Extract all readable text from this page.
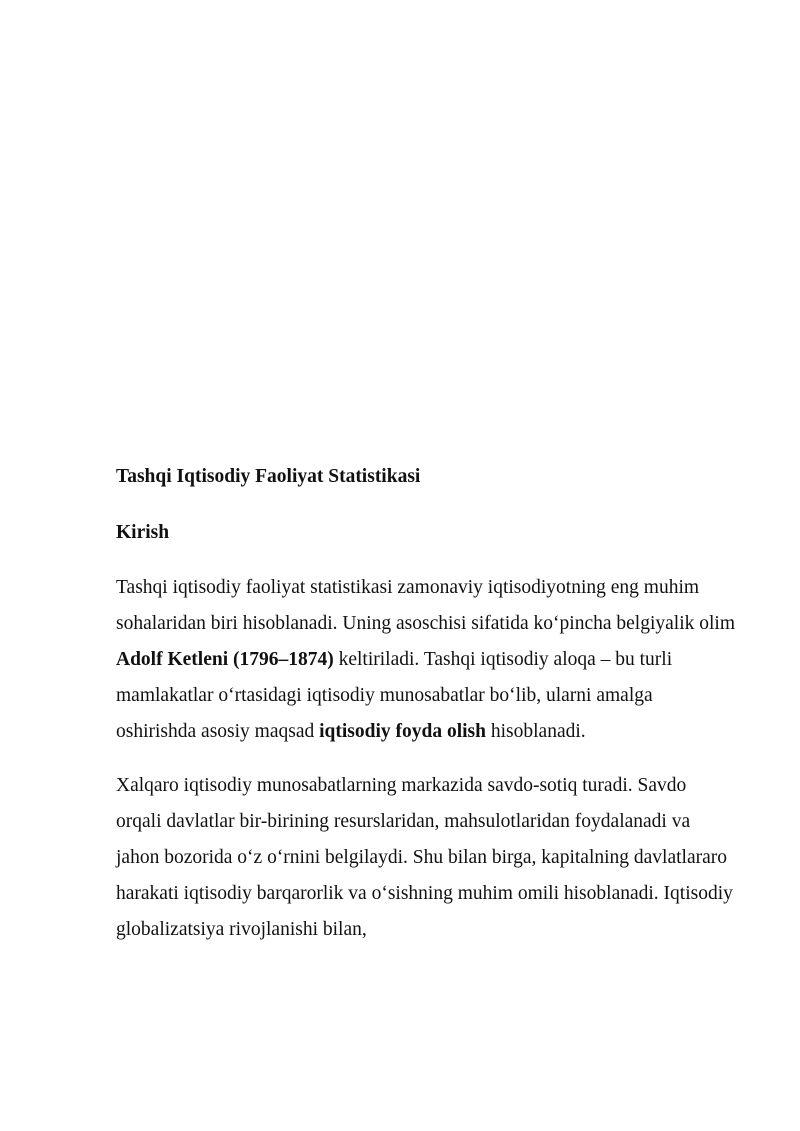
Tashqi Iqtisodiy Faoliyat Statistikasi

Kirish

Tashqi iqtisodiy faoliyat statistikasi zamonaviy iqtisodiyotning eng muhim sohalaridan biri hisoblanadi. Uning asoschisi sifatida ko‘pincha belgiyalik olim Adolf Ketleni (1796–1874) keltiriladi. Tashqi iqtisodiy aloqa – bu turli mamlakatlar o‘rtasidagi iqtisodiy munosabatlar bo‘lib, ularni amalga oshirishda asosiy maqsad iqtisodiy foyda olish hisoblanadi.

Xalqaro iqtisodiy munosabatlarning markazida savdo-sotiq turadi. Savdo orqali davlatlar bir-birining resurslaridan, mahsulotlaridan foydalanadi va jahon bozorida o‘z o‘rnini belgilaydi. Shu bilan birga, kapitalning davlatlararo harakati iqtisodiy barqarorlik va o‘sishning muhim omili hisoblanadi. Iqtisodiy globalizatsiya rivojlanishi bilan,
